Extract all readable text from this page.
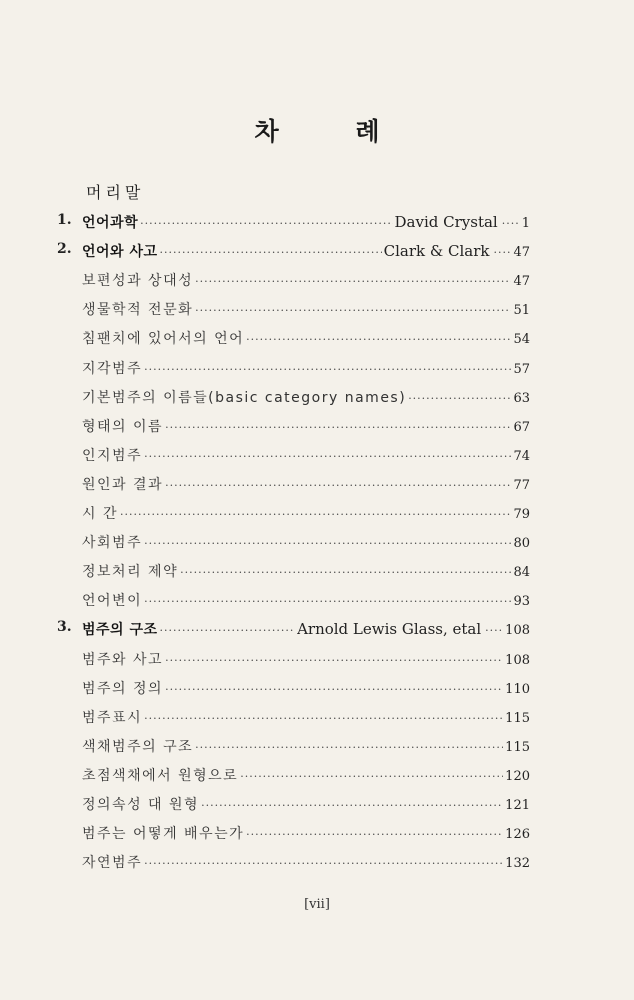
차 례
머리말
1. 언어과학 ·····	David Crystal ····· 1
2. 언어와 사고 ·····	Clark & Clark ····· 47
보편성과 상대성 ·····	47
생물학적 전문화 ·····	51
침팬치에 있어서의 언어 ·····	54
지각범주 ·····	57
기본범주의 이름들(basic category names) ·····	63
형태의 이름 ·····	67
인지범주 ·····	74
원인과 결과 ·····	77
시 간 ·····	79
사회범주 ·····	80
정보처리 제약 ·····	84
언어변이 ·····	93
3. 범주의 구조 ·····	Arnold Lewis Glass, etal ····· 108
범주와 사고 ·····	108
범주의 정의 ·····	110
범주표시 ·····	115
색채범주의 구조 ·····	115
초점색채에서 원형으로 ·····	120
정의속성 대 원형 ·····	121
범주는 어떻게 배우는가 ·····	126
자연범주 ·····	132
[vii]
